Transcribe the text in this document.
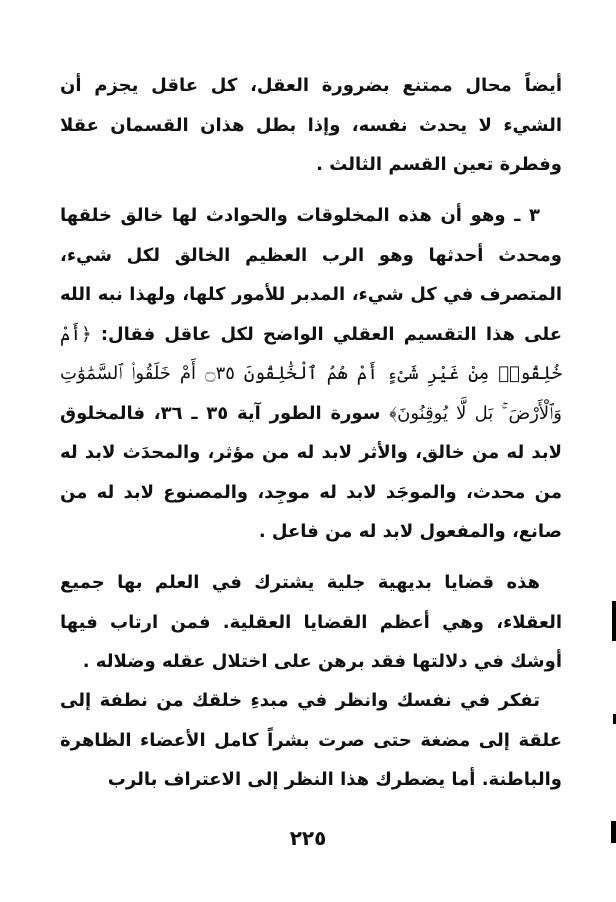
أيضاً محال ممتنع بضرورة العقل، كل عاقل يجزم أن الشيء لا يحدث نفسه، وإذا بطل هذان القسمان عقلا وفطرة تعين القسم الثالث .

٣ ـ وهو أن هذه المخلوقات والحوادث لها خالق خلقها ومحدث أحدثها وهو الرب العظيم الخالق لكل شيء، المتصرف في كل شيء، المدبر للأمور كلها، ولهذا نبه الله على هذا التقسيم العقلي الواضح لكل عاقل فقال: ﴿أَمْ خُلِقُوا۟ مِنْ غَيْرِ شَىْءٍ أَمْ هُمُ ٱلْخَٰلِقُونَ ۝٣٥ أَمْ خَلَقُوا۟ ٱلسَّمَٰوَٰتِ وَٱلْأَرْضَ ۚ بَل لَّا يُوقِنُونَ﴾ سورة الطور آية ٣٥ ـ ٣٦، فالمخلوق لابد له من خالق، والأثر لابد له من مؤثر، والمحدَث لابد له من محدث، والموجَد لابد له موجِد، والمصنوع لابد له من صانع، والمفعول لابد له من فاعل .

هذه قضايا بديهية جلية يشترك في العلم بها جميع العقلاء، وهي أعظم القضايا العقلية. فمن ارتاب فيها أوشك في دلالتها فقد برهن على اختلال عقله وضلاله .

تفكر في نفسك وانظر في مبدءِ خلقك من نطفة إلى علقة إلى مضغة حتى صرت بشراً كامل الأعضاء الظاهرة والباطنة. أما يضطرك هذا النظر إلى الاعتراف بالرب

٢٢٥
